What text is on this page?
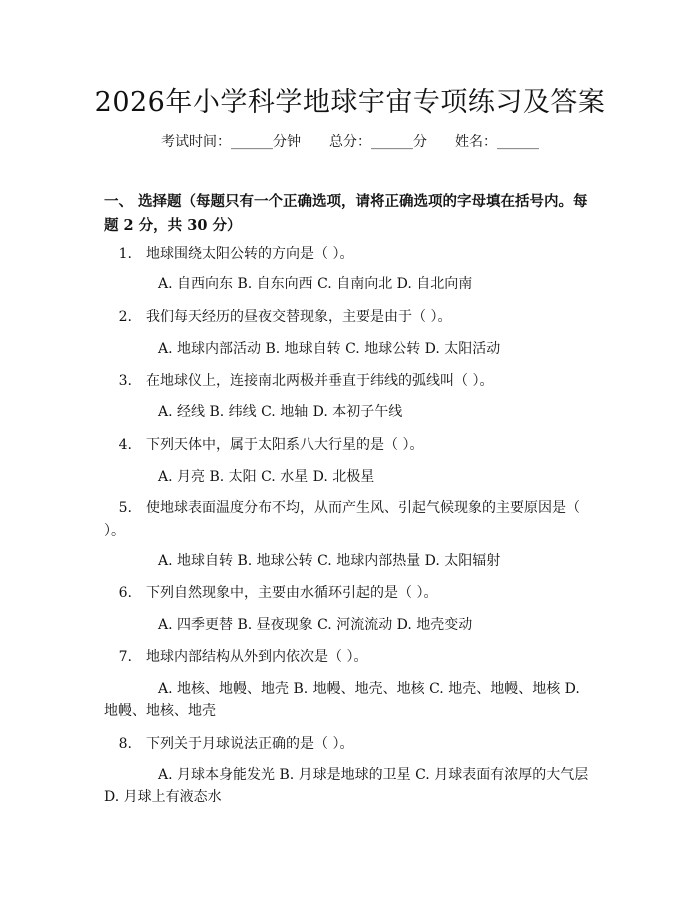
2026年小学科学地球宇宙专项练习及答案
考试时间：______分钟 总分：______分 姓名：______
一、 选择题（每题只有一个正确选项，请将正确选项的字母填在括号内。每题 2 分，共 30 分）
1. 地球围绕太阳公转的方向是（ ）。
A. 自西向东 B. 自东向西 C. 自南向北 D. 自北向南
2. 我们每天经历的昼夜交替现象，主要是由于（ ）。
A. 地球内部活动 B. 地球自转 C. 地球公转 D. 太阳活动
3. 在地球仪上，连接南北两极并垂直于纬线的弧线叫（ ）。
A. 经线 B. 纬线 C. 地轴 D. 本初子午线
4. 下列天体中，属于太阳系八大行星的是（ ）。
A. 月亮 B. 太阳 C. 水星 D. 北极星
5. 使地球表面温度分布不均，从而产生风、引起气候现象的主要原因是（ ）。
A. 地球自转 B. 地球公转 C. 地球内部热量 D. 太阳辐射
6. 下列自然现象中，主要由水循环引起的是（ ）。
A. 四季更替 B. 昼夜现象 C. 河流流动 D. 地壳变动
7. 地球内部结构从外到内依次是（ ）。
A. 地核、地幔、地壳 B. 地幔、地壳、地核 C. 地壳、地幔、地核 D. 地幔、地核、地壳
8. 下列关于月球说法正确的是（ ）。
A. 月球本身能发光 B. 月球是地球的卫星 C. 月球表面有浓厚的大气层 D. 月球上有液态水
